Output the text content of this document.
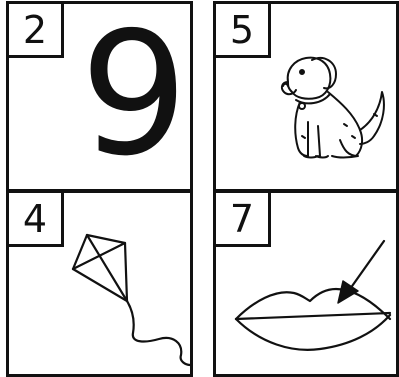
2 9	5
4	7
